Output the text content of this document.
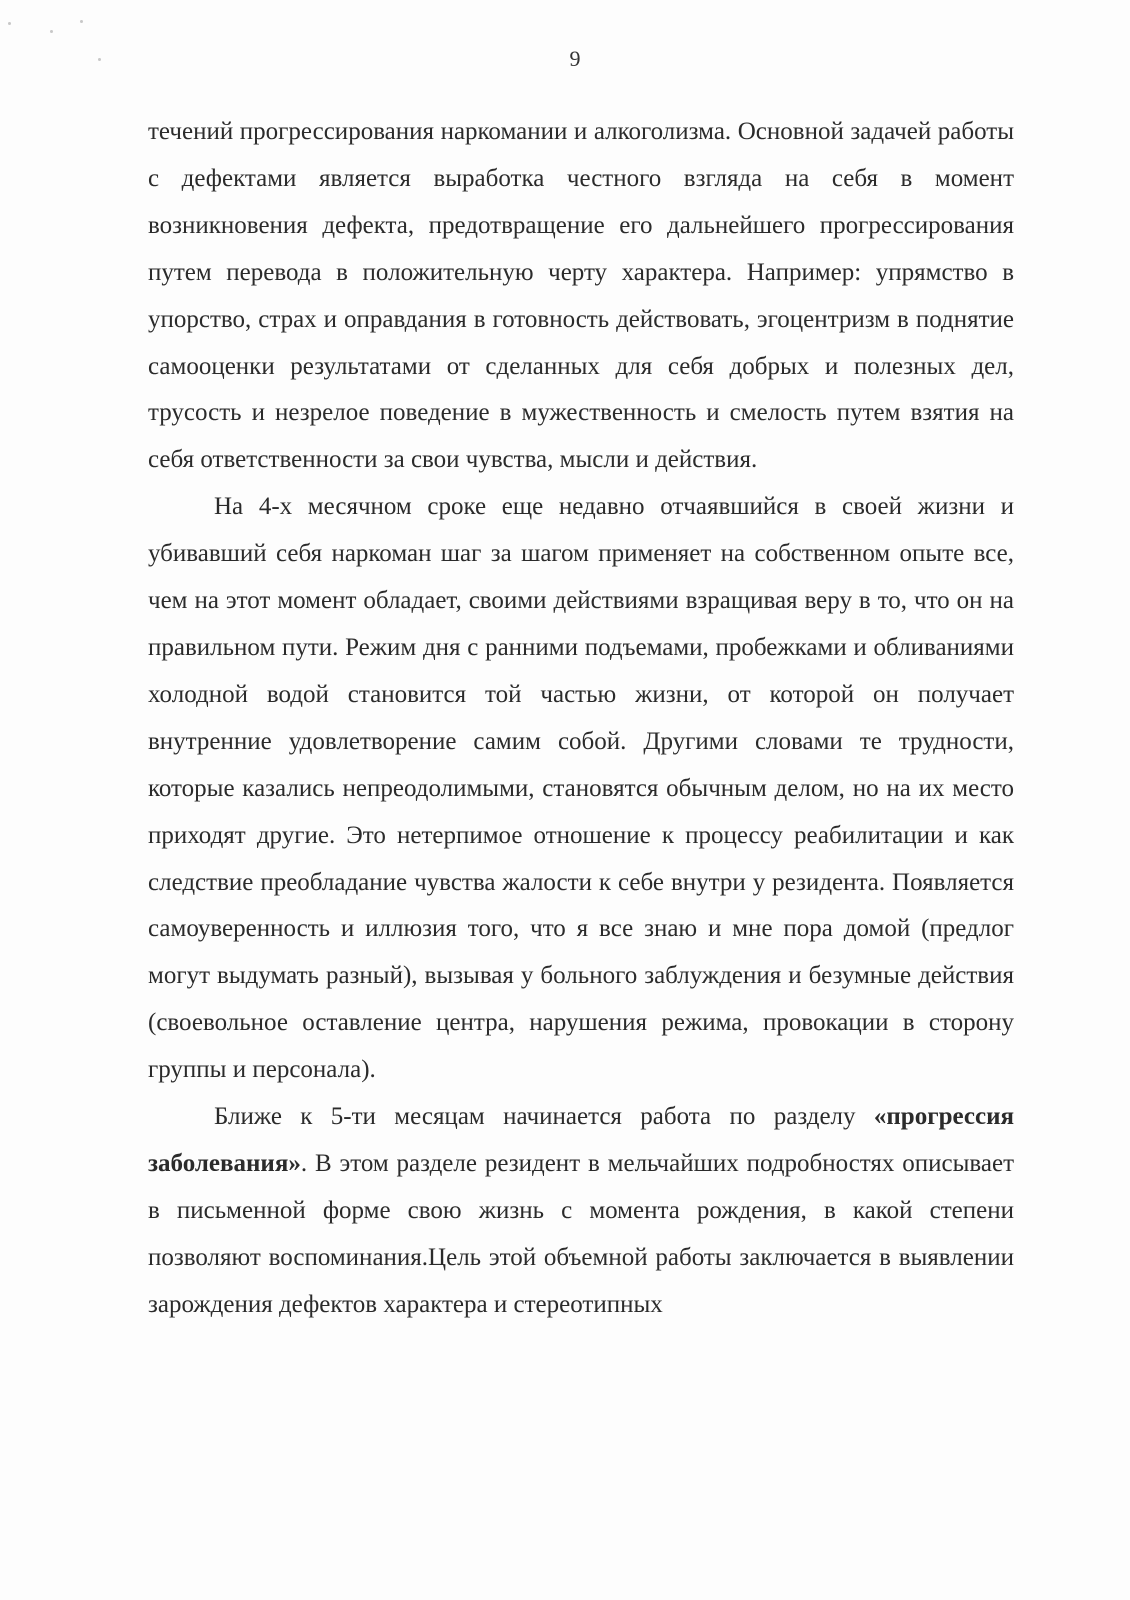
9

течений прогрессирования наркомании и алкоголизма. Основной задачей работы с дефектами является выработка честного взгляда на себя в момент возникновения дефекта, предотвращение его дальнейшего прогрессирования путем перевода в положительную черту характера. Например: упрямство в упорство, страх и оправдания в готовность действовать, эгоцентризм в поднятие самооценки результатами от сделанных для себя добрых и полезных дел, трусость и незрелое поведение в мужественность и смелость путем взятия на себя ответственности за свои чувства, мысли и действия.

На 4-х месячном сроке еще недавно отчаявшийся в своей жизни и убивавший себя наркоман шаг за шагом применяет на собственном опыте все, чем на этот момент обладает, своими действиями взращивая веру в то, что он на правильном пути. Режим дня с ранними подъемами, пробежками и обливаниями холодной водой становится той частью жизни, от которой он получает внутренние удовлетворение самим собой. Другими словами те трудности, которые казались непреодолимыми, становятся обычным делом, но на их место приходят другие. Это нетерпимое отношение к процессу реабилитации и как следствие преобладание чувства жалости к себе внутри у резидента. Появляется самоуверенность и иллюзия того, что я все знаю и мне пора домой (предлог могут выдумать разный), вызывая у больного заблуждения и безумные действия (своевольное оставление центра, нарушения режима, провокации в сторону группы и персонала).

Ближе к 5-ти месяцам начинается работа по разделу «прогрессия заболевания». В этом разделе резидент в мельчайших подробностях описывает в письменной форме свою жизнь с момента рождения, в какой степени позволяют воспоминания.Цель этой объемной работы заключается в выявлении зарождения дефектов характера и стереотипных
